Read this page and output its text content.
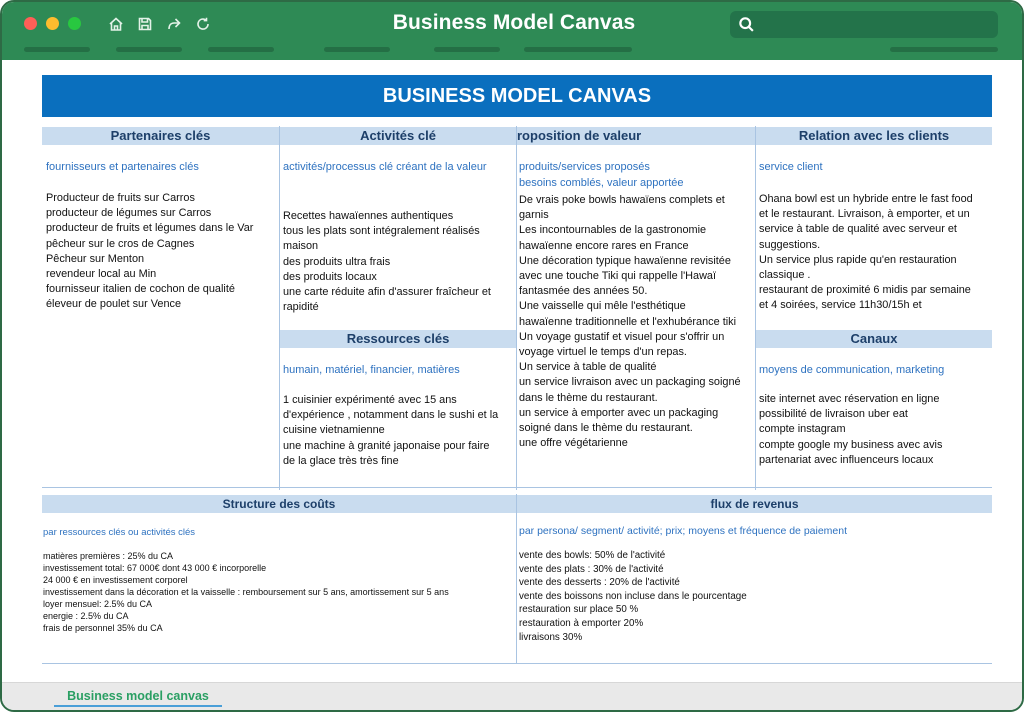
Business Model Canvas
BUSINESS MODEL CANVAS
Partenaires clés
fournisseurs et partenaires clés
Producteur de fruits sur Carros
producteur de légumes sur Carros
producteur de fruits et légumes dans le Var
pêcheur sur le cros de Cagnes
Pêcheur sur Menton
revendeur local au Min
fournisseur italien de cochon de qualité
éleveur de poulet sur Vence
Activités clé
activités/processus clé créant de la valeur
Recettes hawaïennes authentiques
tous les plats sont intégralement réalisés
maison
des produits ultra frais
des produits locaux
une carte réduite afin d'assurer fraîcheur et
rapidité
Ressources clés
humain, matériel, financier, matières
1 cuisinier expérimenté avec 15 ans
d'expérience , notamment dans le sushi et la
cuisine vietnamienne
une machine à granité japonaise pour faire
de la glace très très fine
roposition de valeur
produits/services proposés
besoins comblés, valeur apportée
De vrais poke bowls hawaïens complets et
garnis
Les incontournables de la gastronomie
hawaïenne encore rares en France
Une décoration typique hawaïenne revisitée
avec une touche Tiki qui rappelle l'Hawaï
fantasmée des années 50.
Une vaisselle qui mêle l'esthétique
hawaïenne traditionnelle et l'exhubérance tiki
Un voyage gustatif et visuel pour s'offrir un
voyage virtuel le temps d'un repas.
Un service à table de qualité
un service livraison avec un packaging soigné
dans le thème du restaurant.
un service à emporter avec un packaging
soigné dans le thème du restaurant.
une offre végétarienne
Relation avec les clients
service client
Ohana bowl est un hybride entre le fast food
et le restaurant. Livraison, à emporter, et un
service à table de qualité avec serveur et
suggestions.
Un service plus rapide qu'en restauration
classique .
restaurant de proximité 6 midis par semaine
et 4 soirées, service 11h30/15h et
Canaux
moyens de communication, marketing
site internet avec réservation en ligne
possibilité de livraison uber eat
compte instagram
compte google my business avec avis
partenariat avec influenceurs locaux
Structure des coûts
par ressources clés ou activités clés
matières premières : 25% du CA
investissement total: 67 000€ dont 43 000 € incorporelle
24 000 € en investissement corporel
investissement dans la décoration et la vaisselle : remboursement sur 5 ans, amortissement sur 5 ans
loyer mensuel: 2.5% du CA
energie : 2.5% du CA
frais de personnel 35% du CA
flux de revenus
par persona/ segment/ activité; prix; moyens et fréquence de paiement
vente des bowls: 50% de l'activité
vente des plats : 30% de l'activité
vente des desserts : 20% de l'activité
vente des boissons non incluse dans le pourcentage
restauration sur place 50 %
restauration à emporter 20%
livraisons 30%
Business model canvas
